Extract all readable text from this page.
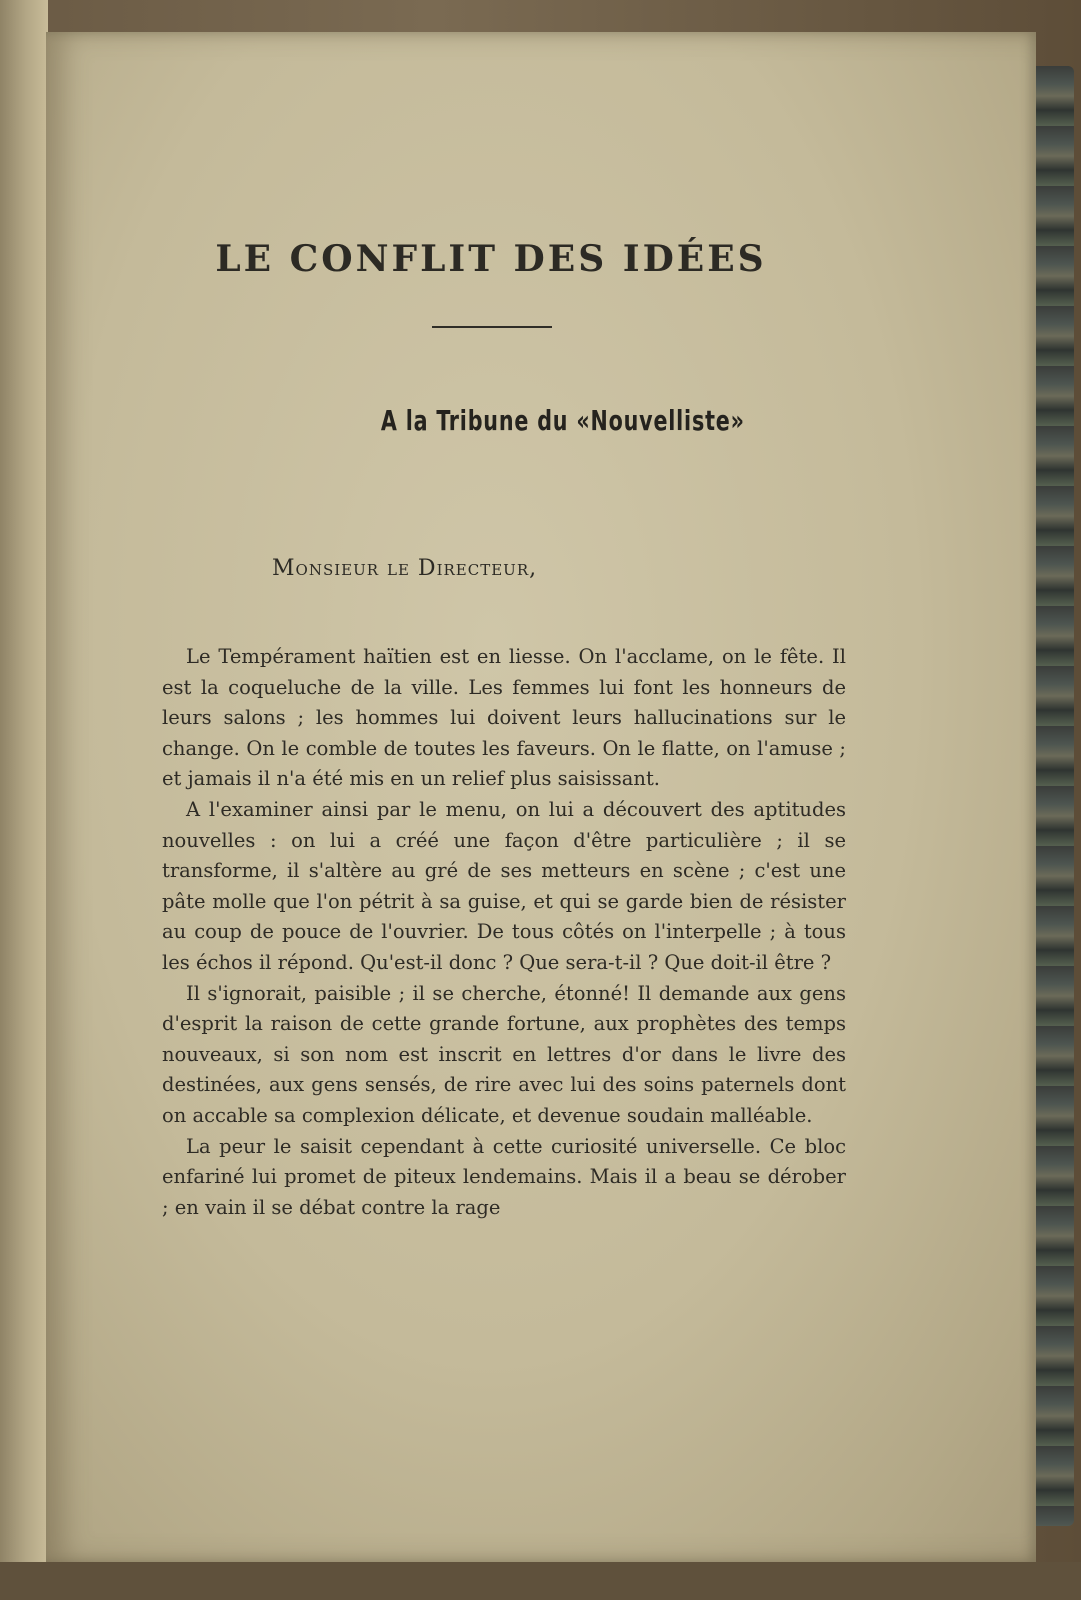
LE CONFLIT DES IDÉES
A la Tribune du «Nouvelliste»

Monsieur le Directeur,

Le Tempérament haïtien est en liesse. On l'acclame, on le fête. Il est la coqueluche de la ville. Les femmes lui font les honneurs de leurs salons ; les hommes lui doivent leurs hallucinations sur le change. On le comble de toutes les faveurs. On le flatte, on l'amuse ; et jamais il n'a été mis en un relief plus saisissant.

A l'examiner ainsi par le menu, on lui a découvert des aptitudes nouvelles : on lui a créé une façon d'être particulière ; il se transforme, il s'altère au gré de ses metteurs en scène ; c'est une pâte molle que l'on pétrit à sa guise, et qui se garde bien de résister au coup de pouce de l'ouvrier. De tous côtés on l'interpelle ; à tous les échos il répond. Qu'est-il donc ? Que sera-t-il ? Que doit-il être ?

Il s'ignorait, paisible ; il se cherche, étonné! Il demande aux gens d'esprit la raison de cette grande fortune, aux prophètes des temps nouveaux, si son nom est inscrit en lettres d'or dans le livre des destinées, aux gens sensés, de rire avec lui des soins paternels dont on accable sa complexion délicate, et devenue soudain malléable.

La peur le saisit cependant à cette curiosité universelle. Ce bloc enfariné lui promet de piteux lendemains. Mais il a beau se dérober ; en vain il se débat contre la rage
